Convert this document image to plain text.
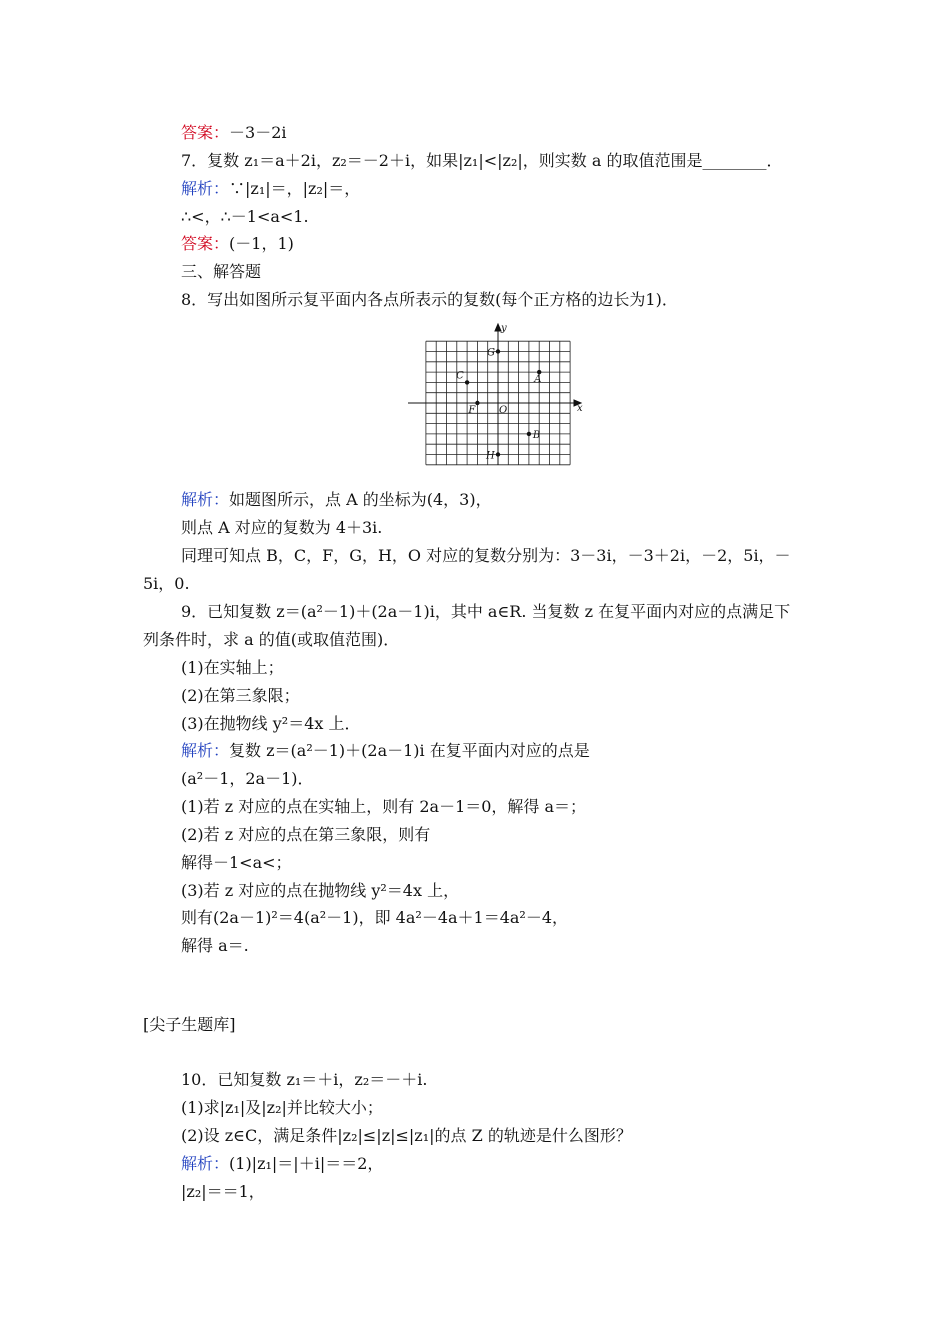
答案：－3－2i
7．复数 z₁＝a＋2i，z₂＝－2＋i，如果|z₁|<|z₂|，则实数 a 的取值范围是________．
解析：∵|z₁|＝，|z₂|＝，
∴<，∴－1<a<1.
答案：(－1，1)
三、解答题
8．写出如图所示复平面内各点所表示的复数(每个正方格的边长为1)．
x
y
O
A
B
C
F
G
H
解析：如题图所示，点 A 的坐标为(4，3)，
则点 A 对应的复数为 4＋3i.
同理可知点 B，C，F，G，H，O 对应的复数分别为：3－3i，－3＋2i，－2，5i，－
5i，0.
9．已知复数 z＝(a²－1)＋(2a－1)i，其中 a∈R. 当复数 z 在复平面内对应的点满足下
列条件时，求 a 的值(或取值范围)．
(1)在实轴上；
(2)在第三象限；
(3)在抛物线 y²＝4x 上．
解析：复数 z＝(a²－1)＋(2a－1)i 在复平面内对应的点是
(a²－1，2a－1)．
(1)若 z 对应的点在实轴上，则有 2a－1＝0，解得 a＝；
(2)若 z 对应的点在第三象限，则有
解得－1<a<；
(3)若 z 对应的点在抛物线 y²＝4x 上，
则有(2a－1)²＝4(a²－1)，即 4a²－4a＋1＝4a²－4，
解得 a＝.
[尖子生题库]
10．已知复数 z₁＝＋i，z₂＝－＋i.
(1)求|z₁|及|z₂|并比较大小；
(2)设 z∈C，满足条件|z₂|≤|z|≤|z₁|的点 Z 的轨迹是什么图形？
解析：(1)|z₁|＝|＋i|＝＝2，
|z₂|＝＝1，
